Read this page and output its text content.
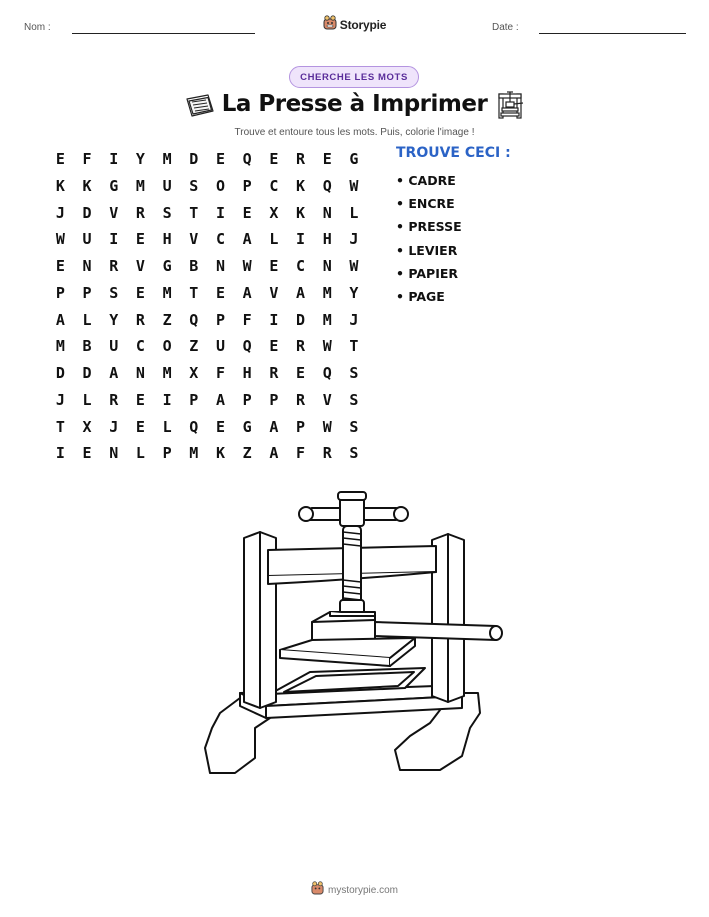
Nom :	Date :
Storypie
CHERCHE LES MOTS
La Presse à Imprimer
Trouve et entoure tous les mots. Puis, colorie l'image !
E	F	I	Y	M	D	E	Q	E	R	E	G
K	K	G	M	U	S	O	P	C	K	Q	W
J	D	V	R	S	T	I	E	X	K	N	L
W	U	I	E	H	V	C	A	L	I	H	J
E	N	R	V	G	B	N	W	E	C	N	W
P	P	S	E	M	T	E	A	V	A	M	Y
A	L	Y	R	Z	Q	P	F	I	D	M	J
M	B	U	C	O	Z	U	Q	E	R	W	T
D	D	A	N	M	X	F	H	R	E	Q	S
J	L	R	E	I	P	A	P	P	R	V	S
T	X	J	E	L	Q	E	G	A	P	W	S
I	E	N	L	P	M	K	Z	A	F	R	S
TROUVE CECI :
• CADRE
• ENCRE
• PRESSE
• LEVIER
• PAPIER
• PAGE
mystorypie.com
